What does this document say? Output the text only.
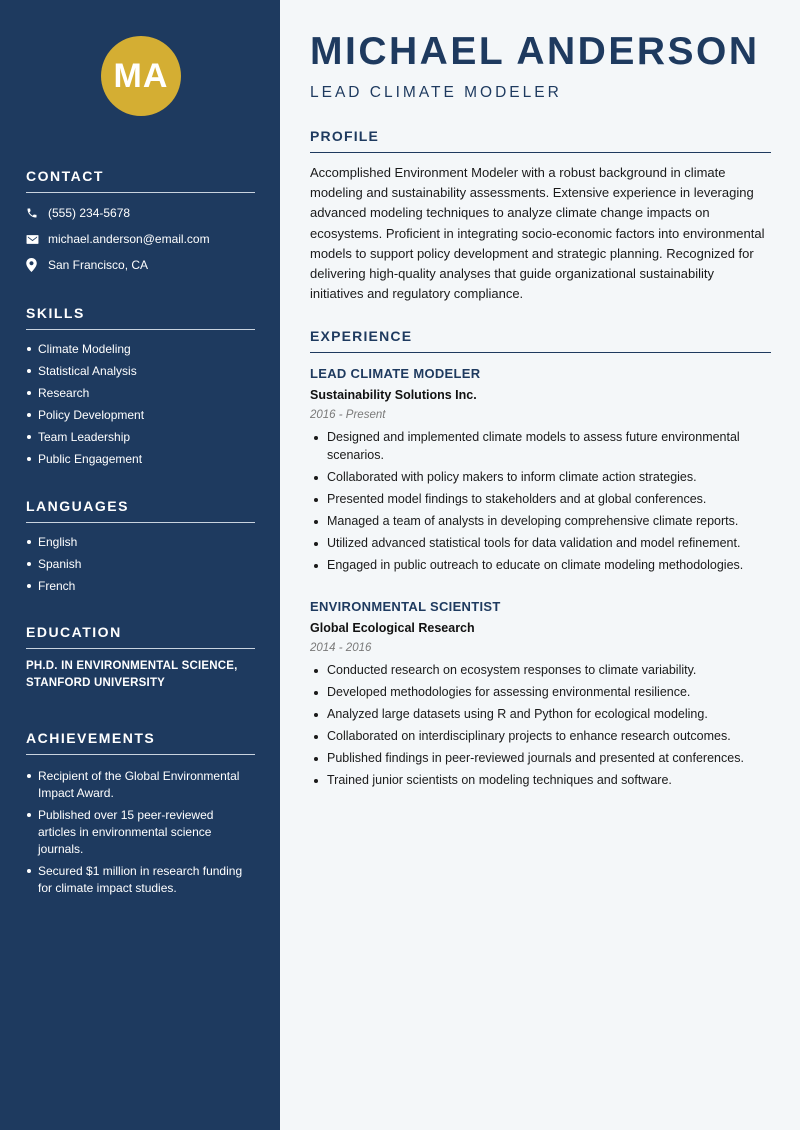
MA
CONTACT
(555) 234-5678
michael.anderson@email.com
San Francisco, CA
SKILLS
Climate Modeling
Statistical Analysis
Research
Policy Development
Team Leadership
Public Engagement
LANGUAGES
English
Spanish
French
EDUCATION
PH.D. IN ENVIRONMENTAL SCIENCE,
STANFORD UNIVERSITY
ACHIEVEMENTS
Recipient of the Global Environmental Impact Award.
Published over 15 peer-reviewed articles in environmental science journals.
Secured $1 million in research funding for climate impact studies.
MICHAEL ANDERSON
LEAD CLIMATE MODELER
PROFILE
Accomplished Environment Modeler with a robust background in climate modeling and sustainability assessments. Extensive experience in leveraging advanced modeling techniques to analyze climate change impacts on ecosystems. Proficient in integrating socio-economic factors into environmental models to support policy development and strategic planning. Recognized for delivering high-quality analyses that guide organizational sustainability initiatives and regulatory compliance.
EXPERIENCE
LEAD CLIMATE MODELER
Sustainability Solutions Inc.
2016 - Present
Designed and implemented climate models to assess future environmental scenarios.
Collaborated with policy makers to inform climate action strategies.
Presented model findings to stakeholders and at global conferences.
Managed a team of analysts in developing comprehensive climate reports.
Utilized advanced statistical tools for data validation and model refinement.
Engaged in public outreach to educate on climate modeling methodologies.
ENVIRONMENTAL SCIENTIST
Global Ecological Research
2014 - 2016
Conducted research on ecosystem responses to climate variability.
Developed methodologies for assessing environmental resilience.
Analyzed large datasets using R and Python for ecological modeling.
Collaborated on interdisciplinary projects to enhance research outcomes.
Published findings in peer-reviewed journals and presented at conferences.
Trained junior scientists on modeling techniques and software.
